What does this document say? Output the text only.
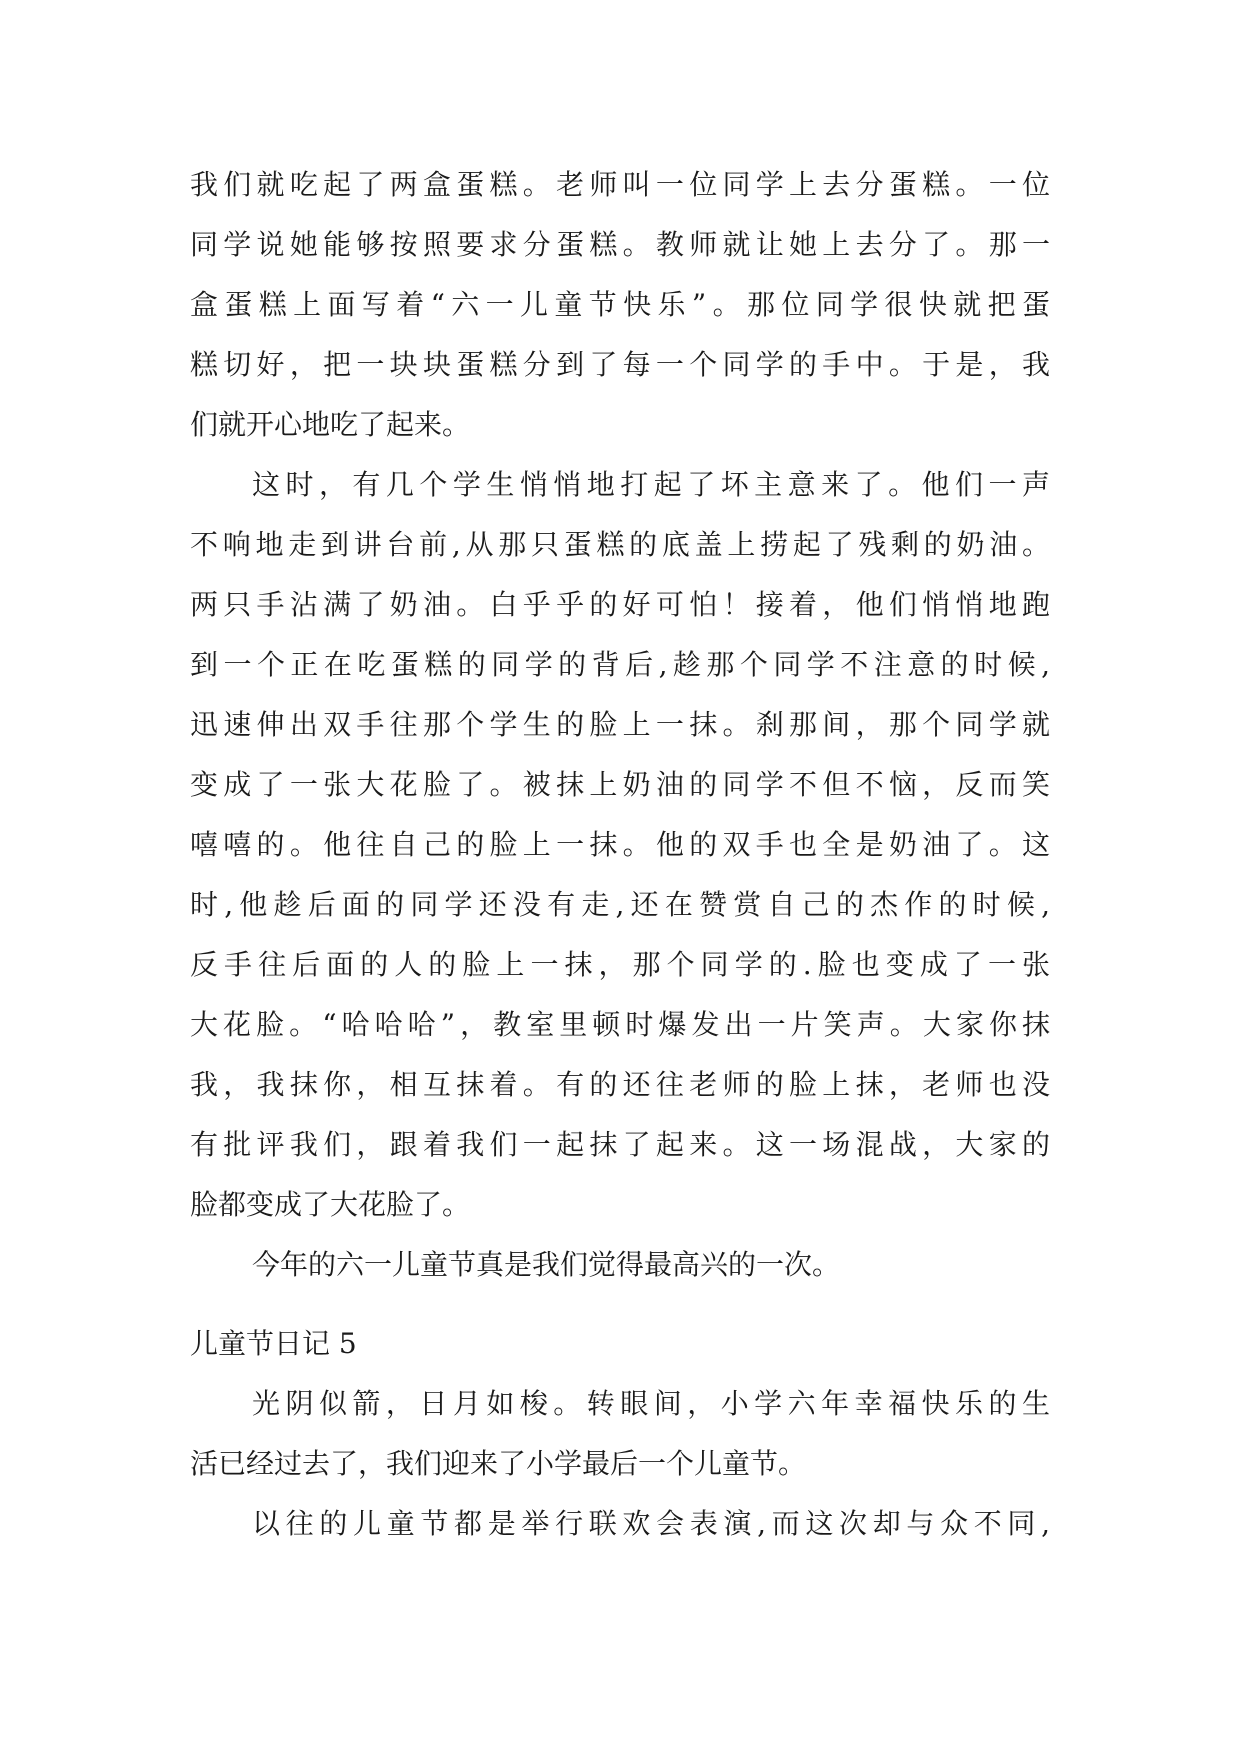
我们就吃起了两盒蛋糕。老师叫一位同学上去分蛋糕。一位
同学说她能够按照要求分蛋糕。教师就让她上去分了。那一
盒蛋糕上面写着“六一儿童节快乐”。那位同学很快就把蛋
糕切好，把一块块蛋糕分到了每一个同学的手中。于是，我
们就开心地吃了起来。
这时，有几个学生悄悄地打起了坏主意来了。他们一声
不响地走到讲台前,从那只蛋糕的底盖上捞起了残剩的奶油。
两只手沾满了奶油。白乎乎的好可怕！接着，他们悄悄地跑
到一个正在吃蛋糕的同学的背后,趁那个同学不注意的时候,
迅速伸出双手往那个学生的脸上一抹。刹那间，那个同学就
变成了一张大花脸了。被抹上奶油的同学不但不恼，反而笑
嘻嘻的。他往自己的脸上一抹。他的双手也全是奶油了。这
时,他趁后面的同学还没有走,还在赞赏自己的杰作的时候,
反手往后面的人的脸上一抹，那个同学的.脸也变成了一张
大花脸。“哈哈哈”，教室里顿时爆发出一片笑声。大家你抹
我，我抹你，相互抹着。有的还往老师的脸上抹，老师也没
有批评我们，跟着我们一起抹了起来。这一场混战，大家的
脸都变成了大花脸了。
今年的六一儿童节真是我们觉得最高兴的一次。
儿童节日记 5
光阴似箭，日月如梭。转眼间，小学六年幸福快乐的生
活已经过去了，我们迎来了小学最后一个儿童节。
以往的儿童节都是举行联欢会表演,而这次却与众不同,
